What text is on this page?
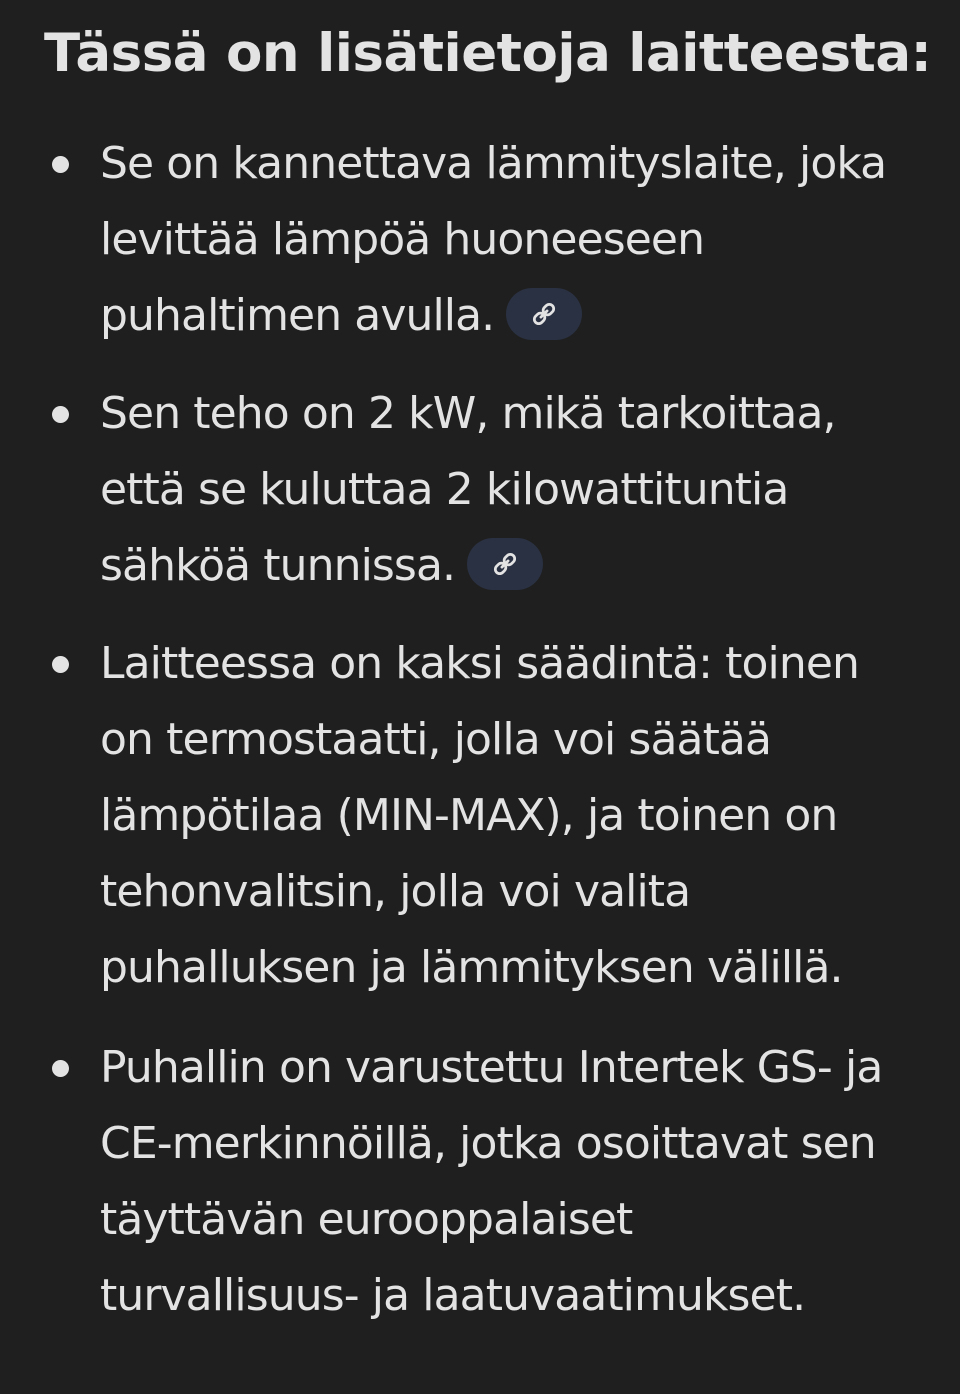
Tässä on lisätietoja laitteesta:

Se on kannettava lämmityslaite, joka
levittää lämpöä huoneeseen
puhaltimen avulla.

Sen teho on 2 kW, mikä tarkoittaa,
että se kuluttaa 2 kilowattituntia
sähköä tunnissa.

Laitteessa on kaksi säädintä: toinen
on termostaatti, jolla voi säätää
lämpötilaa (MIN-MAX), ja toinen on
tehonvalitsin, jolla voi valita
puhalluksen ja lämmityksen välillä.

Puhallin on varustettu Intertek GS- ja
CE-merkinnöillä, jotka osoittavat sen
täyttävän eurooppalaiset
turvallisuus- ja laatuvaatimukset.
